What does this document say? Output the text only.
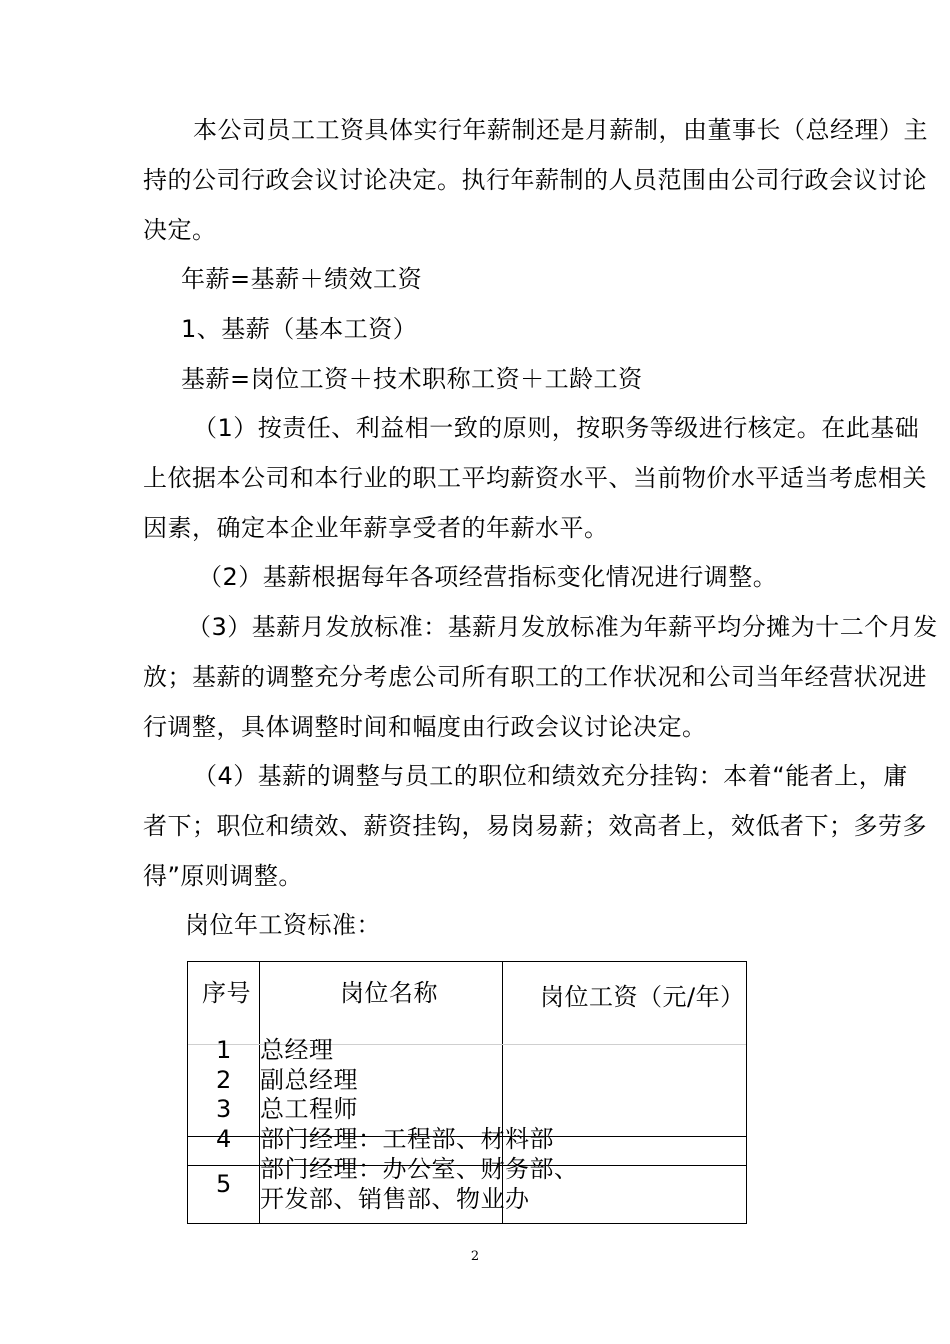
本公司员工工资具体实行年薪制还是月薪制，由董事长（总经理）主
持的公司行政会议讨论决定。执行年薪制的人员范围由公司行政会议讨论
决定。
年薪=基薪＋绩效工资
1、基薪（基本工资）
基薪=岗位工资＋技术职称工资＋工龄工资
（1）按责任、利益相一致的原则，按职务等级进行核定。在此基础
上依据本公司和本行业的职工平均薪资水平、当前物价水平适当考虑相关
因素，确定本企业年薪享受者的年薪水平。
（2）基薪根据每年各项经营指标变化情况进行调整。
（3）基薪月发放标准：基薪月发放标准为年薪平均分摊为十二个月发
放；基薪的调整充分考虑公司所有职工的工作状况和公司当年经营状况进
行调整，具体调整时间和幅度由行政会议讨论决定。
（4）基薪的调整与员工的职位和绩效充分挂钩：本着“能者上，庸
者下；职位和绩效、薪资挂钩，易岗易薪；效高者上，效低者下；多劳多
得”原则调整。
岗位年工资标准：
序号	岗位名称	岗位工资（元/年）
1 总经理
2 副总经理
3 总工程师
4 部门经理：工程部、材料部
5
部门经理：办公室、财务部、
开发部、销售部、物业办
2
